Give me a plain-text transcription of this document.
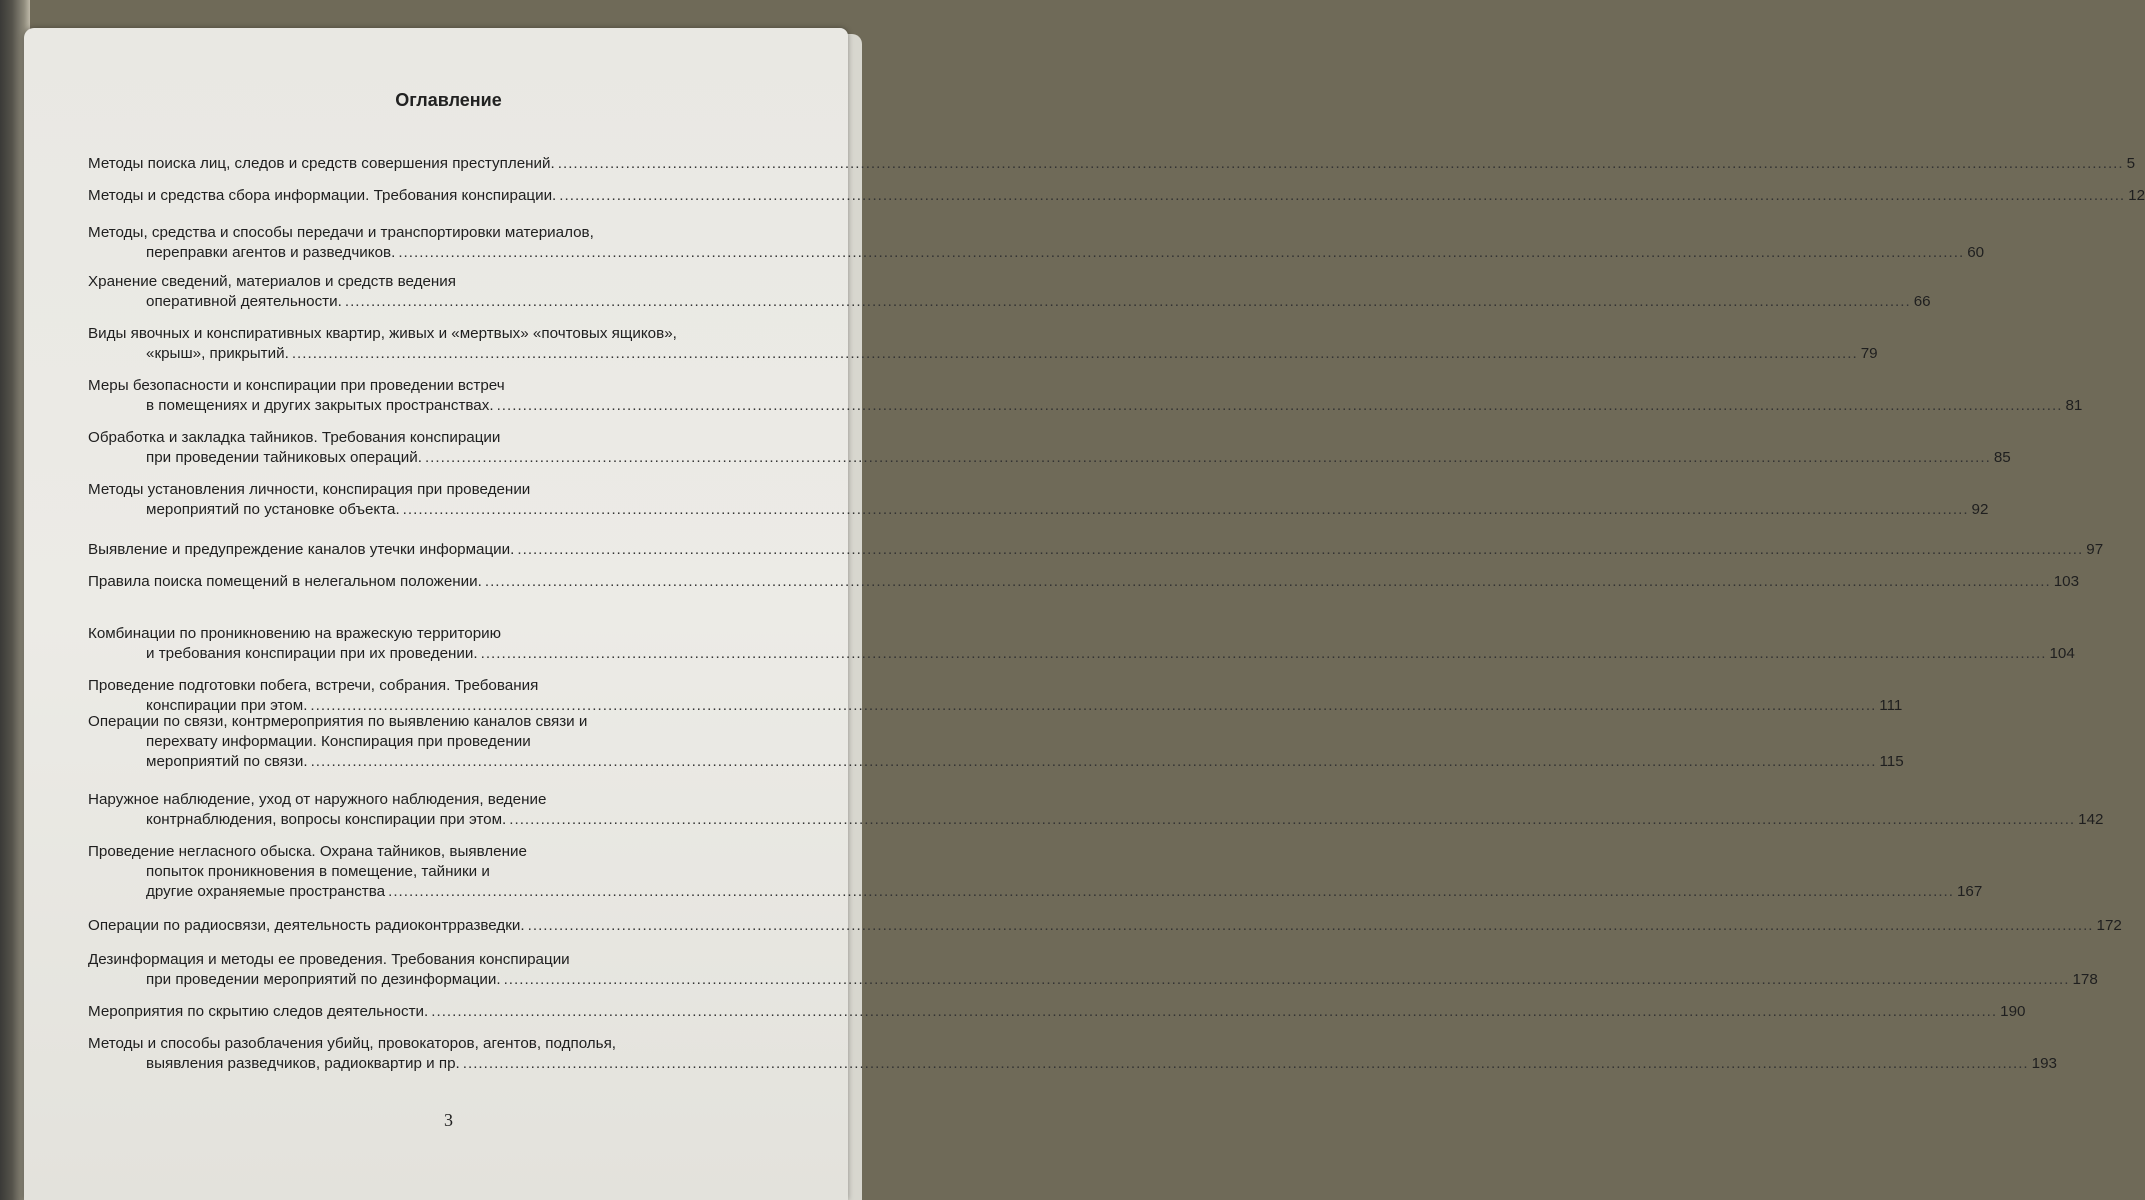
Оглавление
Методы поиска лиц, следов и средств совершения преступлений. ............................................................................................................................................................................................................................................................................................................ 5
Методы и средства сбора информации. Требования конспирации. ............................................................................................................................................................................................................................................................................................................ 12
Методы, средства и способы передачи и транспортировки материалов,
переправки агентов и разведчиков. ............................................................................................................................................................................................................................................................................................................ 60
Хранение сведений, материалов и средств ведения
оперативной деятельности. ............................................................................................................................................................................................................................................................................................................ 66
Виды явочных и конспиративных квартир, живых и «мертвых» «почтовых ящиков»,
«крыш», прикрытий. ............................................................................................................................................................................................................................................................................................................ 79
Меры безопасности и конспирации при проведении встреч
в помещениях и других закрытых пространствах. ............................................................................................................................................................................................................................................................................................................ 81
Обработка и закладка тайников. Требования конспирации
при проведении тайниковых операций. ............................................................................................................................................................................................................................................................................................................ 85
Методы установления личности, конспирация при проведении
мероприятий по установке объекта. ............................................................................................................................................................................................................................................................................................................ 92
Выявление и предупреждение каналов утечки информации. ............................................................................................................................................................................................................................................................................................................ 97
Правила поиска помещений в нелегальном положении. ............................................................................................................................................................................................................................................................................................................ 103
Комбинации по проникновению на вражескую территорию
и требования конспирации при их проведении. ............................................................................................................................................................................................................................................................................................................ 104
Проведение подготовки побега, встречи, собрания. Требования
конспирации при этом. ............................................................................................................................................................................................................................................................................................................ 111
Операции по связи, контрмероприятия по выявлению каналов связи и
перехвату информации. Конспирация при проведении
мероприятий по связи. ............................................................................................................................................................................................................................................................................................................ 115
Наружное наблюдение, уход от наружного наблюдения, ведение
контрнаблюдения, вопросы конспирации при этом. ............................................................................................................................................................................................................................................................................................................ 142
Проведение негласного обыска. Охрана тайников, выявление
попыток проникновения в помещение, тайники и
другие охраняемые пространства ............................................................................................................................................................................................................................................................................................................ 167
Операции по радиосвязи, деятельность радиоконтрразведки. ............................................................................................................................................................................................................................................................................................................ 172
Дезинформация и методы ее проведения. Требования конспирации
при проведении мероприятий по дезинформации. ............................................................................................................................................................................................................................................................................................................ 178
Мероприятия по скрытию следов деятельности. ............................................................................................................................................................................................................................................................................................................ 190
Методы и способы разоблачения убийц, провокаторов, агентов, подполья,
выявления разведчиков, радиоквартир и пр. ............................................................................................................................................................................................................................................................................................................ 193
3
